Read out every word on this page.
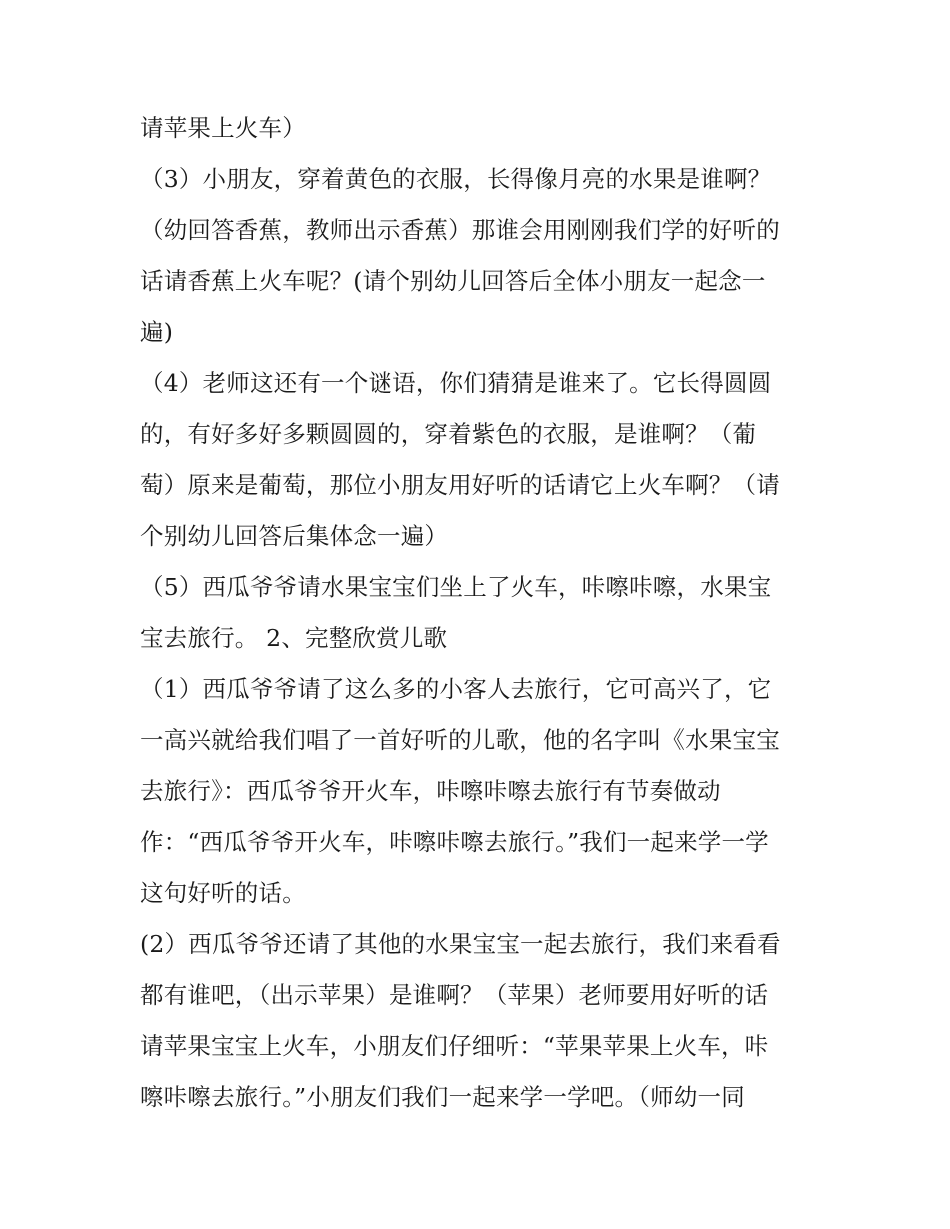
请苹果上火车）
（3）小朋友，穿着黄色的衣服，长得像月亮的水果是谁啊？
（幼回答香蕉，教师出示香蕉）那谁会用刚刚我们学的好听的
话请香蕉上火车呢？(请个别幼儿回答后全体小朋友一起念一
遍)
（4）老师这还有一个谜语，你们猜猜是谁来了。它长得圆圆
的，有好多好多颗圆圆的，穿着紫色的衣服，是谁啊？（葡
萄）原来是葡萄，那位小朋友用好听的话请它上火车啊？（请
个别幼儿回答后集体念一遍）
（5）西瓜爷爷请水果宝宝们坐上了火车，咔嚓咔嚓，水果宝
宝去旅行。 2、完整欣赏儿歌
（1）西瓜爷爷请了这么多的小客人去旅行，它可高兴了，它
一高兴就给我们唱了一首好听的儿歌，他的名字叫《水果宝宝
去旅行》：西瓜爷爷开火车，咔嚓咔嚓去旅行有节奏做动
作：“西瓜爷爷开火车，咔嚓咔嚓去旅行。”我们一起来学一学
这句好听的话。
(2）西瓜爷爷还请了其他的水果宝宝一起去旅行，我们来看看
都有谁吧，（出示苹果）是谁啊？（苹果）老师要用好听的话
请苹果宝宝上火车，小朋友们仔细听：“苹果苹果上火车，咔
嚓咔嚓去旅行。”小朋友们我们一起来学一学吧。（师幼一同
